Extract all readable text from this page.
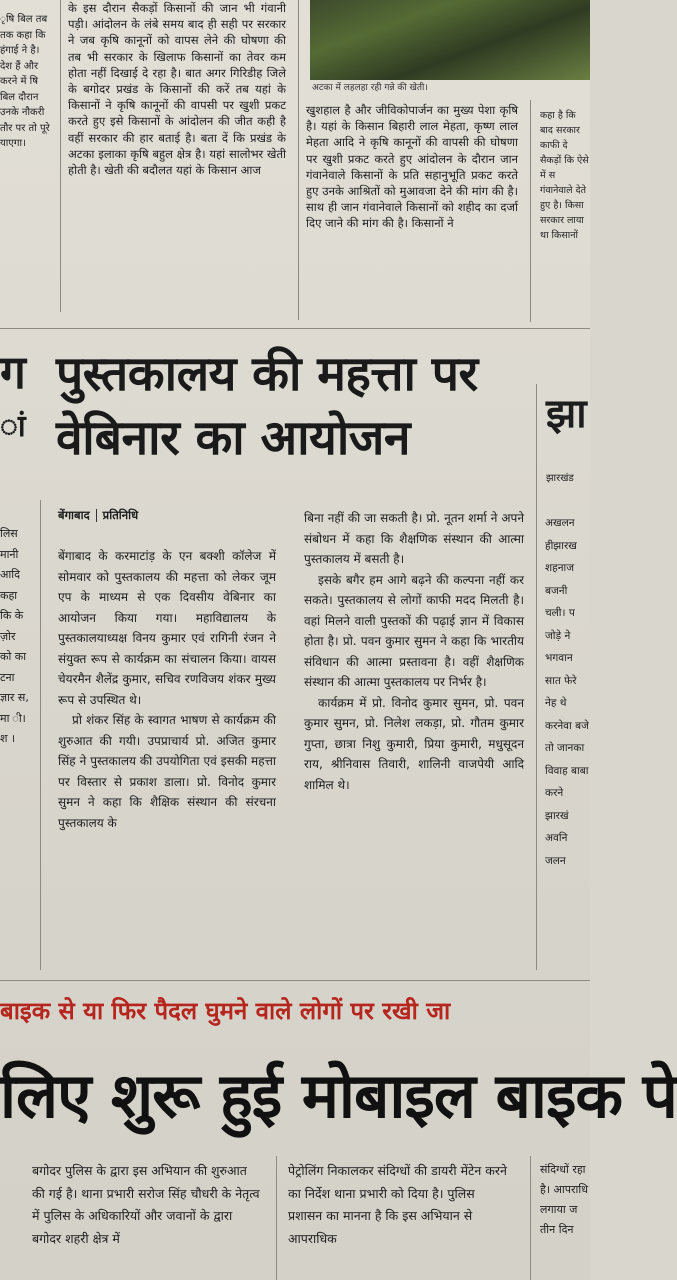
ृषि बिल तब तक कहा कि हंगाई ने है। देश हैं और करने में षि बिल दौरान उनके नौकरी तौर पर तो पूरे याएगा।
के इस दौरान सैकड़ों किसानों की जान भी गंवानी पड़ी। आंदोलन के लंबे समय बाद ही सही पर सरकार ने जब कृषि कानूनों को वापस लेने की घोषणा की तब भी सरकार के खिलाफ किसानों का तेवर कम होता नहीं दिखाई दे रहा है। बात अगर गिरिडीह जिले के बगोदर प्रखंड के किसानों की करें तब यहां के किसानों ने कृषि कानूनों की वापसी पर खुशी प्रकट करते हुए इसे किसानों के आंदोलन की जीत कही है वहीं सरकार की हार बताई है। बता दें कि प्रखंड के अटका इलाका कृषि बहुल क्षेत्र है। यहां सालोभर खेती होती है। खेती की बदौलत यहां के किसान आज
अटका में लहलहा रही गन्ने की खेती।
खुशहाल है और जीविकोपार्जन का मुख्य पेशा कृषि है। यहां के किसान बिहारी लाल मेहता, कृष्ण लाल मेहता आदि ने कृषि कानूनों की वापसी की घोषणा पर खुशी प्रकट करते हुए आंदोलन के दौरान जान गंवानेवाले किसानों के प्रति सहानुभूति प्रकट करते हुए उनके आश्रितों को मुआवजा देने की मांग की है। साथ ही जान गंवानेवाले किसानों को शहीद का दर्जा दिए जाने की मांग की है। किसानों ने
कहा है कि बाद सरकार काफी दे सैकड़ों कि ऐसे में स गंवानेवाले देते हुए है। किसा सरकार लाया था किसानों
ग
ां
पुस्तकालय की महत्ता पर वेबिनार का आयोजन	झा
झारखंड
बेंगाबाद प्रतिनिधि
लिस मानी आदि कहा कि के ज़ोर को का टना ज्ञार स, मा ी। श ।

बेंगाबाद के करमाटांड़ के एन बक्शी कॉलेज में सोमवार को पुस्तकालय की महत्ता को लेकर जूम एप के माध्यम से एक दिवसीय वेबिनार का आयोजन किया गया। महाविद्यालय के पुस्तकालयाध्यक्ष विनय कुमार एवं रागिनी रंजन ने संयुक्त रूप से कार्यक्रम का संचालन किया। वायस चेयरमैन शैलेंद्र कुमार, सचिव रणविजय शंकर मुख्य रूप से उपस्थित थे।

प्रो शंकर सिंह के स्वागत भाषण से कार्यक्रम की शुरुआत की गयी। उपप्राचार्य प्रो. अजित कुमार सिंह ने पुस्तकालय की उपयोगिता एवं इसकी महत्ता पर विस्तार से प्रकाश डाला। प्रो. विनोद कुमार सुमन ने कहा कि शैक्षिक संस्थान की संरचना पुस्तकालय के

बिना नहीं की जा सकती है। प्रो. नूतन शर्मा ने अपने संबोधन में कहा कि शैक्षणिक संस्थान की आत्मा पुस्तकालय में बसती है।

इसके बगैर हम आगे बढ़ने की कल्पना नहीं कर सकते। पुस्तकालय से लोगों काफी मदद मिलती है। वहां मिलने वाली पुस्तकों की पढ़ाई ज्ञान में विकास होता है। प्रो. पवन कुमार सुमन ने कहा कि भारतीय संविधान की आत्मा प्रस्तावना है। वहीं शैक्षणिक संस्थान की आत्मा पुस्तकालय पर निर्भर है।

कार्यक्रम में प्रो. विनोद कुमार सुमन, प्रो. पवन कुमार सुमन, प्रो. निलेश लकड़ा, प्रो. गौतम कुमार गुप्ता, छात्रा निशु कुमारी, प्रिया कुमारी, मधुसूदन राय, श्रीनिवास तिवारी, शालिनी वाजपेयी आदि शामिल थे।

अखलन हीझारख शहनाज बजनी चली। प जोड़े ने भगवान सात फेरे नेह थे करनेवा बजे तो जानका विवाह बाबा करने झारखं अवनि जलन
बाइक से या फिर पैदल घुमने वाले लोगों पर रखी जा
लिए शुरू हुई मोबाइल बाइक पे
बगोदर पुलिस के द्वारा इस अभियान की शुरुआत की गई है। थाना प्रभारी सरोज सिंह चौधरी के नेतृत्व में पुलिस के अधिकारियों और जवानों के द्वारा बगोदर शहरी क्षेत्र में
पेट्रोलिंग निकालकर संदिग्धों की डायरी मेंटेन करने का निर्देश थाना प्रभारी को दिया है। पुलिस प्रशासन का मानना है कि इस अभियान से आपराधिक
संदिग्धों रहा है। आपराधि लगाया ज तीन दिन
